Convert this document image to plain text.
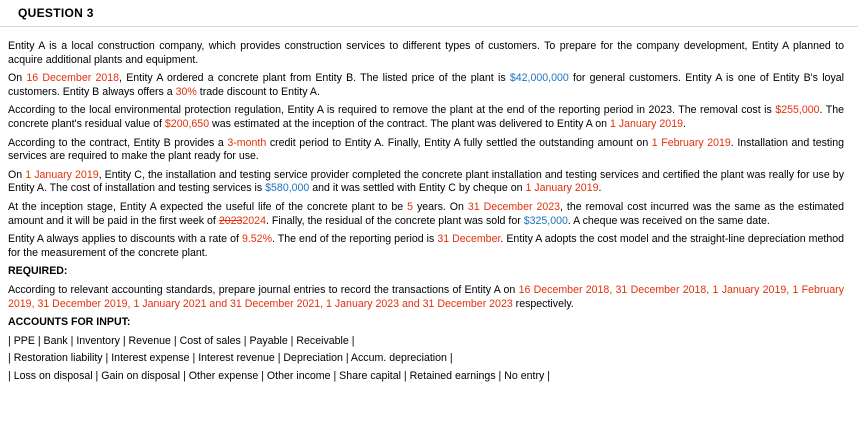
QUESTION 3

Entity A is a local construction company, which provides construction services to different types of customers. To prepare for the company development, Entity A planned to acquire additional plants and equipment.

On 16 December 2018, Entity A ordered a concrete plant from Entity B. The listed price of the plant is $42,000,000 for general customers. Entity A is one of Entity B's loyal customers. Entity B always offers a 30% trade discount to Entity A.

According to the local environmental protection regulation, Entity A is required to remove the plant at the end of the reporting period in 2023. The removal cost is $255,000. The concrete plant's residual value of $200,650 was estimated at the inception of the contract. The plant was delivered to Entity A on 1 January 2019.

According to the contract, Entity B provides a 3-month credit period to Entity A. Finally, Entity A fully settled the outstanding amount on 1 February 2019. Installation and testing services are required to make the plant ready for use.

On 1 January 2019, Entity C, the installation and testing service provider completed the concrete plant installation and testing services and certified the plant was really for use by Entity A. The cost of installation and testing services is $580,000 and it was settled with Entity C by cheque on 1 January 2019.

At the inception stage, Entity A expected the useful life of the concrete plant to be 5 years. On 31 December 2023, the removal cost incurred was the same as the estimated amount and it will be paid in the first week of 20232024. Finally, the residual of the concrete plant was sold for $325,000. A cheque was received on the same date.

Entity A always applies to discounts with a rate of 9.52%. The end of the reporting period is 31 December. Entity A adopts the cost model and the straight-line depreciation method for the measurement of the concrete plant.

REQUIRED:

According to relevant accounting standards, prepare journal entries to record the transactions of Entity A on 16 December 2018, 31 December 2018, 1 January 2019, 1 February 2019, 31 December 2019, 1 January 2021 and 31 December 2021, 1 January 2023 and 31 December 2023 respectively.

ACCOUNTS FOR INPUT:

| PPE | Bank | Inventory | Revenue | Cost of sales | Payable | Receivable |

| Restoration liability | Interest expense | Interest revenue | Depreciation | Accum. depreciation |

| Loss on disposal | Gain on disposal | Other expense | Other income | Share capital | Retained earnings | No entry |
